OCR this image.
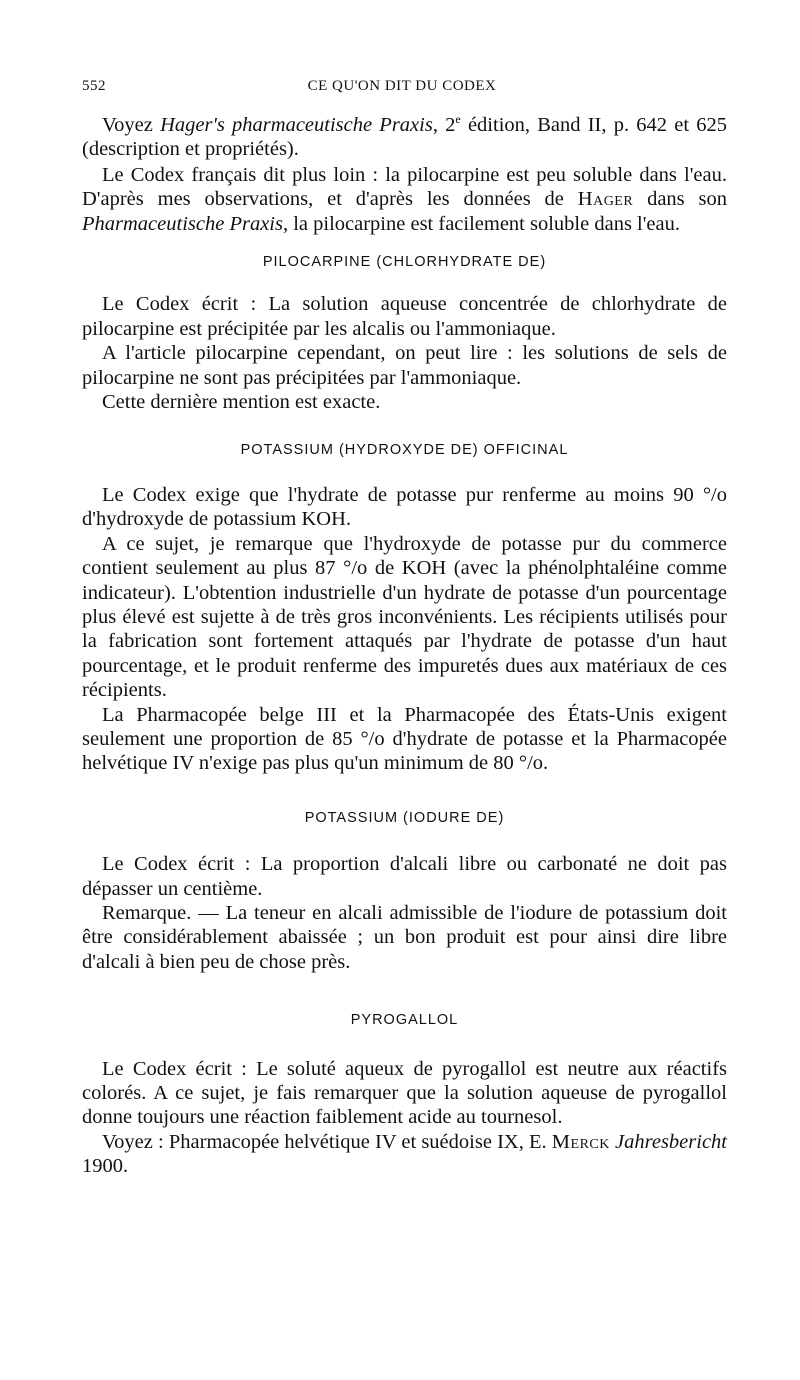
552	CE QU'ON DIT DU CODEX

Voyez Hager's pharmaceutische Praxis, 2e édition, Band II, p. 642 et 625 (description et propriétés).

Le Codex français dit plus loin : la pilocarpine est peu soluble dans l'eau. D'après mes observations, et d'après les données de Hager dans son Pharmaceutische Praxis, la pilocarpine est facilement soluble dans l'eau.

PILOCARPINE (CHLORHYDRATE DE)

Le Codex écrit : La solution aqueuse concentrée de chlorhydrate de pilocarpine est précipitée par les alcalis ou l'ammoniaque.

A l'article pilocarpine cependant, on peut lire : les solutions de sels de pilocarpine ne sont pas précipitées par l'ammoniaque.

Cette dernière mention est exacte.

POTASSIUM (HYDROXYDE DE) OFFICINAL

Le Codex exige que l'hydrate de potasse pur renferme au moins 90 °/o d'hydroxyde de potassium KOH.

A ce sujet, je remarque que l'hydroxyde de potasse pur du commerce contient seulement au plus 87 °/o de KOH (avec la phénolphtaléine comme indicateur). L'obtention industrielle d'un hydrate de potasse d'un pourcentage plus élevé est sujette à de très gros inconvénients. Les récipients utilisés pour la fabrication sont fortement attaqués par l'hydrate de potasse d'un haut pourcentage, et le produit renferme des impuretés dues aux matériaux de ces récipients.

La Pharmacopée belge III et la Pharmacopée des États-Unis exigent seulement une proportion de 85 °/o d'hydrate de potasse et la Pharmacopée helvétique IV n'exige pas plus qu'un minimum de 80 °/o.

POTASSIUM (IODURE DE)

Le Codex écrit : La proportion d'alcali libre ou carbonaté ne doit pas dépasser un centième.

Remarque. — La teneur en alcali admissible de l'iodure de potassium doit être considérablement abaissée ; un bon produit est pour ainsi dire libre d'alcali à bien peu de chose près.

PYROGALLOL

Le Codex écrit : Le soluté aqueux de pyrogallol est neutre aux réactifs colorés. A ce sujet, je fais remarquer que la solution aqueuse de pyrogallol donne toujours une réaction faiblement acide au tournesol.

Voyez : Pharmacopée helvétique IV et suédoise IX, E. Merck Jahresbericht 1900.
